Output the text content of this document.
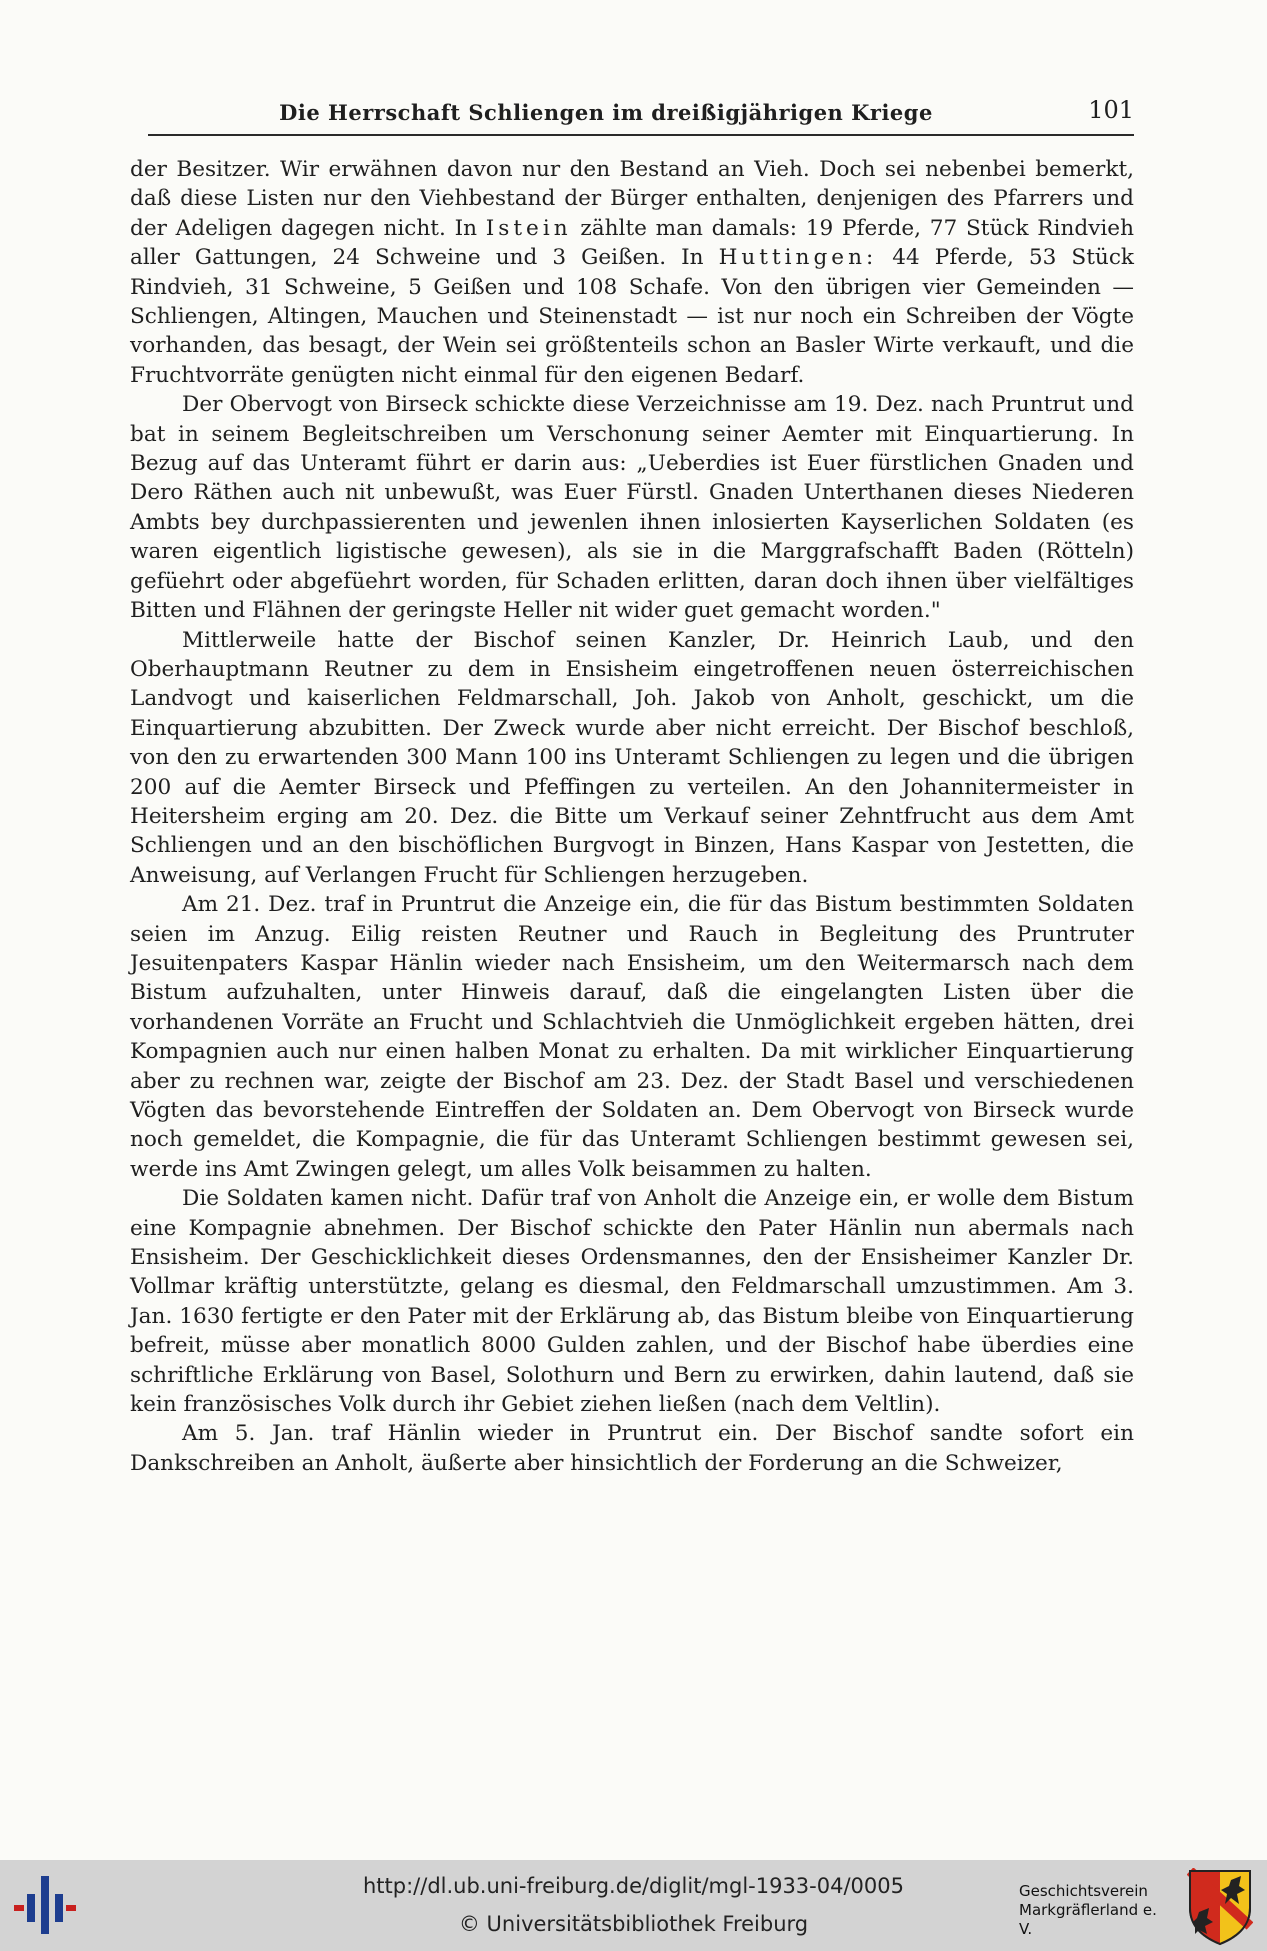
Die Herrschaft Schliengen im dreißigjährigen Kriege	101

der Besitzer. Wir erwähnen davon nur den Bestand an Vieh. Doch sei nebenbei bemerkt, daß diese Listen nur den Viehbestand der Bürger enthalten, denjenigen des Pfarrers und der Adeligen dagegen nicht. In Istein zählte man damals: 19 Pferde, 77 Stück Rindvieh aller Gattungen, 24 Schweine und 3 Geißen. In Huttingen: 44 Pferde, 53 Stück Rindvieh, 31 Schweine, 5 Geißen und 108 Schafe. Von den übrigen vier Gemeinden — Schliengen, Altingen, Mauchen und Steinenstadt — ist nur noch ein Schreiben der Vögte vorhanden, das besagt, der Wein sei größtenteils schon an Basler Wirte verkauft, und die Fruchtvorräte genügten nicht einmal für den eigenen Bedarf.

Der Obervogt von Birseck schickte diese Verzeichnisse am 19. Dez. nach Pruntrut und bat in seinem Begleitschreiben um Verschonung seiner Aemter mit Einquartierung. In Bezug auf das Unteramt führt er darin aus: „Ueberdies ist Euer fürstlichen Gnaden und Dero Räthen auch nit unbewußt, was Euer Fürstl. Gnaden Unterthanen dieses Niederen Ambts bey durchpassierenten und jewenlen ihnen inlosierten Kayserlichen Soldaten (es waren eigentlich ligistische gewesen), als sie in die Marggrafschafft Baden (Rötteln) gefüehrt oder abgefüehrt worden, für Schaden erlitten, daran doch ihnen über vielfältiges Bitten und Flähnen der geringste Heller nit wider guet gemacht worden."

Mittlerweile hatte der Bischof seinen Kanzler, Dr. Heinrich Laub, und den Oberhauptmann Reutner zu dem in Ensisheim eingetroffenen neuen österreichischen Landvogt und kaiserlichen Feldmarschall, Joh. Jakob von Anholt, geschickt, um die Einquartierung abzubitten. Der Zweck wurde aber nicht erreicht. Der Bischof beschloß, von den zu erwartenden 300 Mann 100 ins Unteramt Schliengen zu legen und die übrigen 200 auf die Aemter Birseck und Pfeffingen zu verteilen. An den Johannitermeister in Heitersheim erging am 20. Dez. die Bitte um Verkauf seiner Zehntfrucht aus dem Amt Schliengen und an den bischöflichen Burgvogt in Binzen, Hans Kaspar von Jestetten, die Anweisung, auf Verlangen Frucht für Schliengen herzugeben.

Am 21. Dez. traf in Pruntrut die Anzeige ein, die für das Bistum bestimmten Soldaten seien im Anzug. Eilig reisten Reutner und Rauch in Begleitung des Pruntruter Jesuitenpaters Kaspar Hänlin wieder nach Ensisheim, um den Weitermarsch nach dem Bistum aufzuhalten, unter Hinweis darauf, daß die eingelangten Listen über die vorhandenen Vorräte an Frucht und Schlachtvieh die Unmöglichkeit ergeben hätten, drei Kompagnien auch nur einen halben Monat zu erhalten. Da mit wirklicher Einquartierung aber zu rechnen war, zeigte der Bischof am 23. Dez. der Stadt Basel und verschiedenen Vögten das bevorstehende Eintreffen der Soldaten an. Dem Obervogt von Birseck wurde noch gemeldet, die Kompagnie, die für das Unteramt Schliengen bestimmt gewesen sei, werde ins Amt Zwingen gelegt, um alles Volk beisammen zu halten.

Die Soldaten kamen nicht. Dafür traf von Anholt die Anzeige ein, er wolle dem Bistum eine Kompagnie abnehmen. Der Bischof schickte den Pater Hänlin nun abermals nach Ensisheim. Der Geschicklichkeit dieses Ordensmannes, den der Ensisheimer Kanzler Dr. Vollmar kräftig unterstützte, gelang es diesmal, den Feldmarschall umzustimmen. Am 3. Jan. 1630 fertigte er den Pater mit der Erklärung ab, das Bistum bleibe von Einquartierung befreit, müsse aber monatlich 8000 Gulden zahlen, und der Bischof habe überdies eine schriftliche Erklärung von Basel, Solothurn und Bern zu erwirken, dahin lautend, daß sie kein französisches Volk durch ihr Gebiet ziehen ließen (nach dem Veltlin).

Am 5. Jan. traf Hänlin wieder in Pruntrut ein. Der Bischof sandte sofort ein Dankschreiben an Anholt, äußerte aber hinsichtlich der Forderung an die Schweizer,

http://dl.ub.uni-freiburg.de/diglit/mgl-1933-04/0005
© Universitätsbibliothek Freiburg
Geschichtsverein
Markgräflerland e. V.
